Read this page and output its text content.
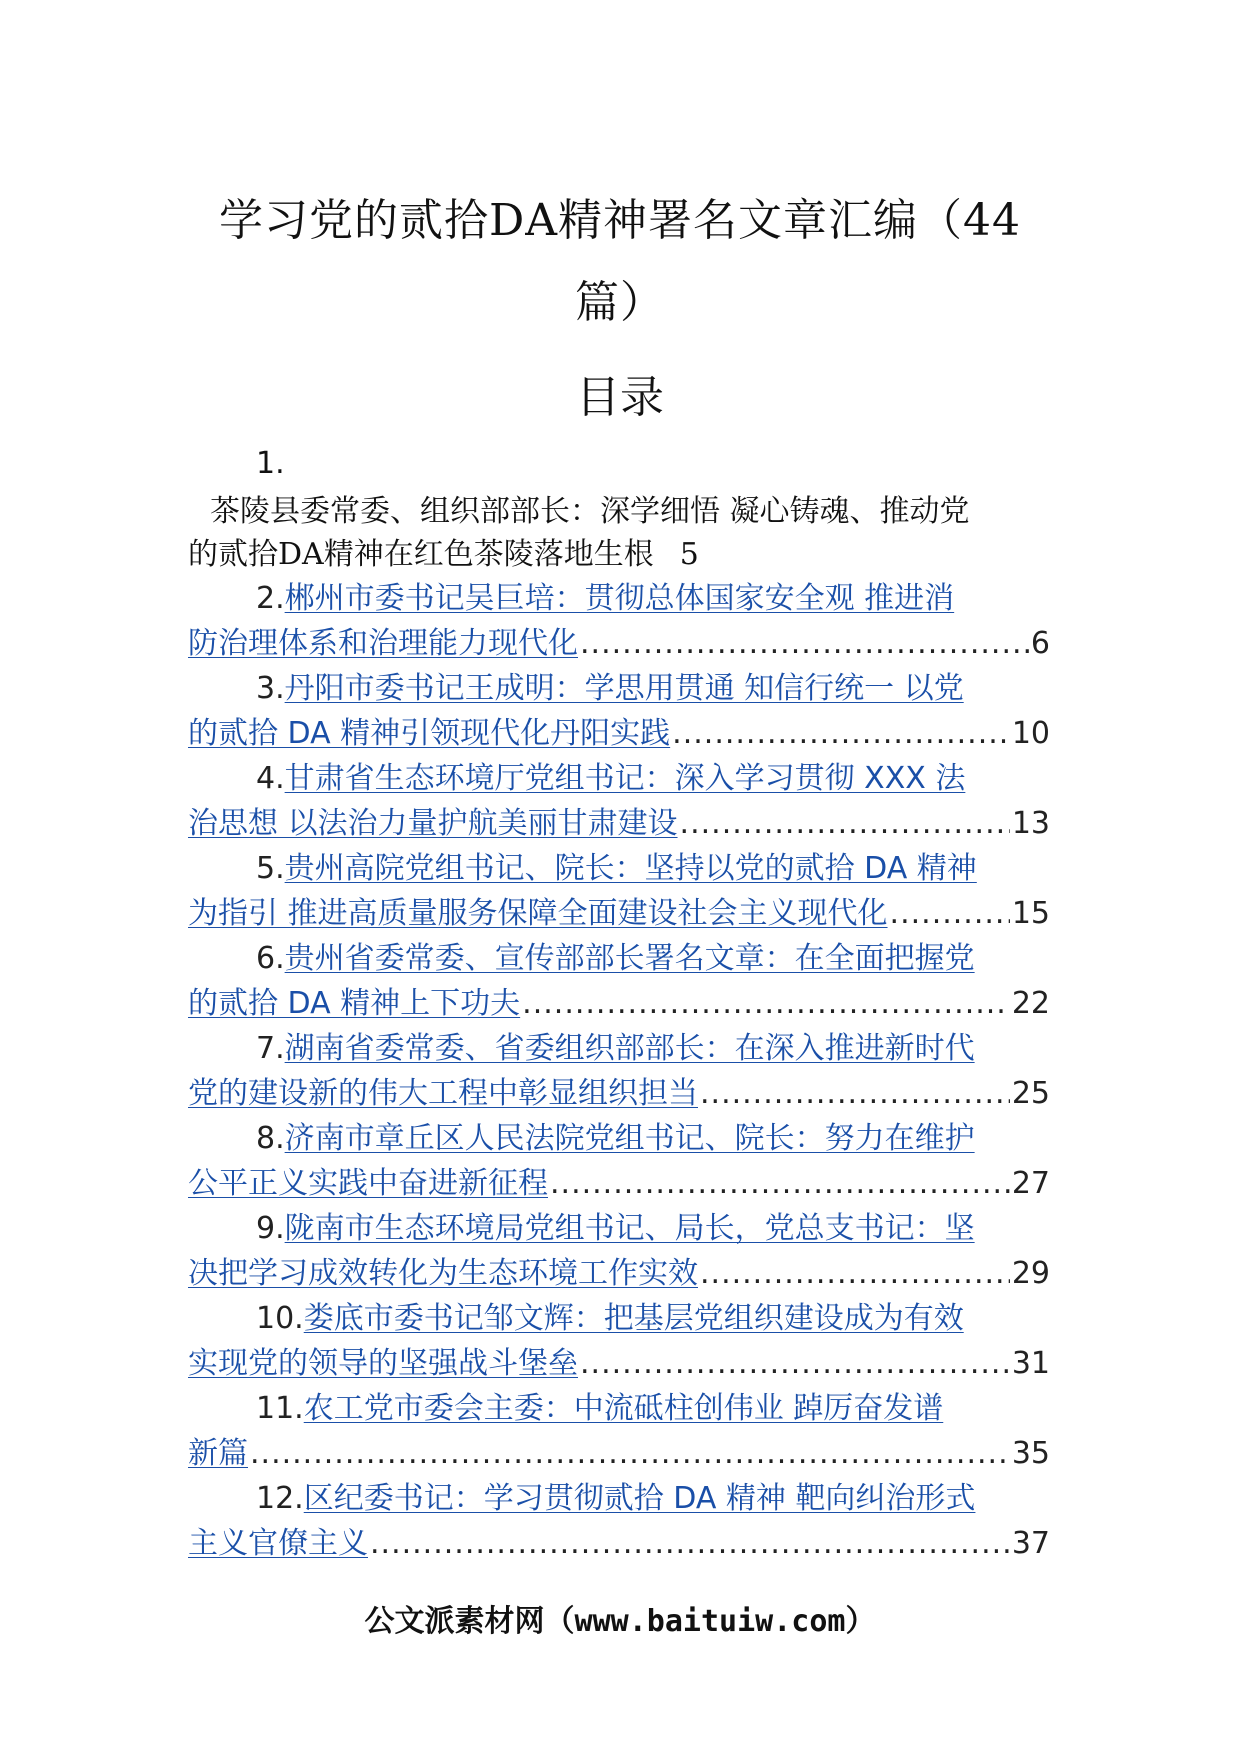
学习党的贰拾DA精神署名文章汇编（44
篇）
目录
1.
茶陵县委常委、组织部部长：深学细悟 凝心铸魂、推动党
的贰拾DA精神在红色茶陵落地生根 5
2.郴州市委书记吴巨培：贯彻总体国家安全观 推进消
防治理体系和治理能力现代化 .....	6
3.丹阳市委书记王成明：学思用贯通 知信行统一 以党
的贰拾 DA 精神引领现代化丹阳实践 .....	10
4.甘肃省生态环境厅党组书记：深入学习贯彻 XXX 法
治思想 以法治力量护航美丽甘肃建设 .....	13
5.贵州高院党组书记、院长：坚持以党的贰拾 DA 精神
为指引 推进高质量服务保障全面建设社会主义现代化 .....	15
6.贵州省委常委、宣传部部长署名文章：在全面把握党
的贰拾 DA 精神上下功夫 .....	22
7.湖南省委常委、省委组织部部长：在深入推进新时代
党的建设新的伟大工程中彰显组织担当 .....	25
8.济南市章丘区人民法院党组书记、院长：努力在维护
公平正义实践中奋进新征程 .....	27
9.陇南市生态环境局党组书记、局长，党总支书记：坚
决把学习成效转化为生态环境工作实效 .....	29
10.娄底市委书记邹文辉：把基层党组织建设成为有效
实现党的领导的坚强战斗堡垒 .....	31
11.农工党市委会主委：中流砥柱创伟业 踔厉奋发谱
新篇 .....	35
12.区纪委书记：学习贯彻贰拾 DA 精神 靶向纠治形式
主义官僚主义 .....	37
公文派素材网（www.baituiw.com）
